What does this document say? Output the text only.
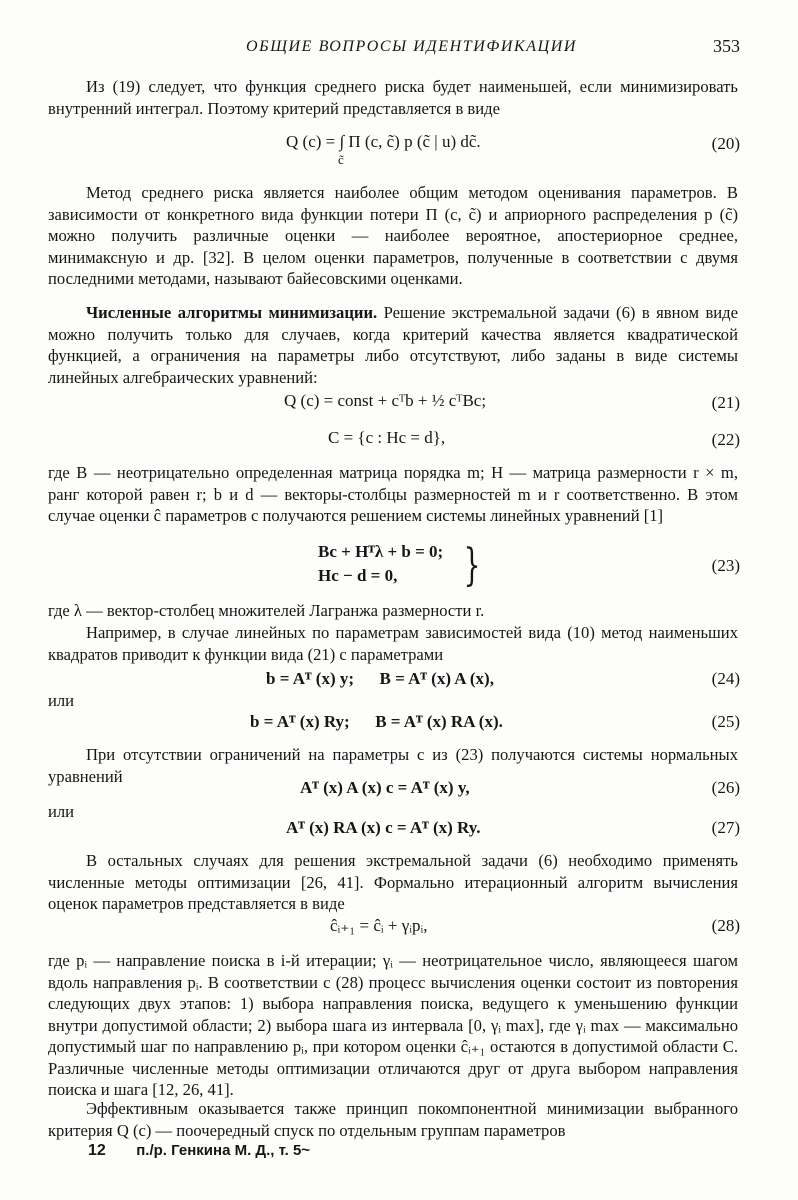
ОБЩИЕ ВОПРОСЫ ИДЕНТИФИКАЦИИ	353
Из (19) следует, что функция среднего риска будет наименьшей, если минимизировать внутренний интеграл. Поэтому критерий представляется в виде
Q (c) = ∫ Π (c, c̃) p (c̃ | u) dc̃.
c̃
(20)
Метод среднего риска является наиболее общим методом оценивания параметров. В зависимости от конкретного вида функции потери Π (c, c̃) и априорного распределения p (c̃) можно получить различные оценки — наиболее вероятное, апостериорное среднее, минимаксную и др. [32]. В целом оценки параметров, полученные в соответствии с двумя последними методами, называют байесовскими оценками.
Численные алгоритмы минимизации. Решение экстремальной задачи (6) в явном виде можно получить только для случаев, когда критерий качества является квадратической функцией, а ограничения на параметры либо отсутствуют, либо заданы в виде системы линейных алгебраических уравнений:
Q (c) = const + cᵀb + ½ cᵀBc;	(21)
C = {c : Hc = d},	(22)
где B — неотрицательно определенная матрица порядка m; H — матрица размерности r × m, ранг которой равен r; b и d — векторы-столбцы размерностей m и r соответственно. В этом случае оценки ĉ параметров c получаются решением системы линейных уравнений [1]
Bc + Hᵀλ + b = 0;
Hc − d = 0, }	(23)
где λ — вектор-столбец множителей Лагранжа размерности r.
Например, в случае линейных по параметрам зависимостей вида (10) метод наименьших квадратов приводит к функции вида (21) с параметрами
b = Aᵀ (x) y;      B = Aᵀ (x) A (x),	(24)
или
b = Aᵀ (x) Ry;      B = Aᵀ (x) RA (x).	(25)
При отсутствии ограничений на параметры c из (23) получаются системы нормальных уравнений
Aᵀ (x) A (x) c = Aᵀ (x) y,	(26)
или
Aᵀ (x) RA (x) c = Aᵀ (x) Ry.	(27)
В остальных случаях для решения экстремальной задачи (6) необходимо применять численные методы оптимизации [26, 41]. Формально итерационный алгоритм вычисления оценок параметров представляется в виде
ĉᵢ₊₁ = ĉᵢ + γᵢpᵢ,	(28)
где pᵢ — направление поиска в i-й итерации; γᵢ — неотрицательное число, являющееся шагом вдоль направления pᵢ. В соответствии с (28) процесс вычисления оценки состоит из повторения следующих двух этапов: 1) выбора направления поиска, ведущего к уменьшению функции внутри допустимой области; 2) выбора шага из интервала [0, γᵢ max], где γᵢ max — максимально допустимый шаг по направлению pᵢ, при котором оценки ĉᵢ₊₁ остаются в допустимой области C. Различные численные методы оптимизации отличаются друг от друга выбором направления поиска и шага [12, 26, 41].
Эффективным оказывается также принцип покомпонентной минимизации выбранного критерия Q (c) — поочередный спуск по отдельным группам параметров
12 п./р. Генкина М. Д., т. 5~
